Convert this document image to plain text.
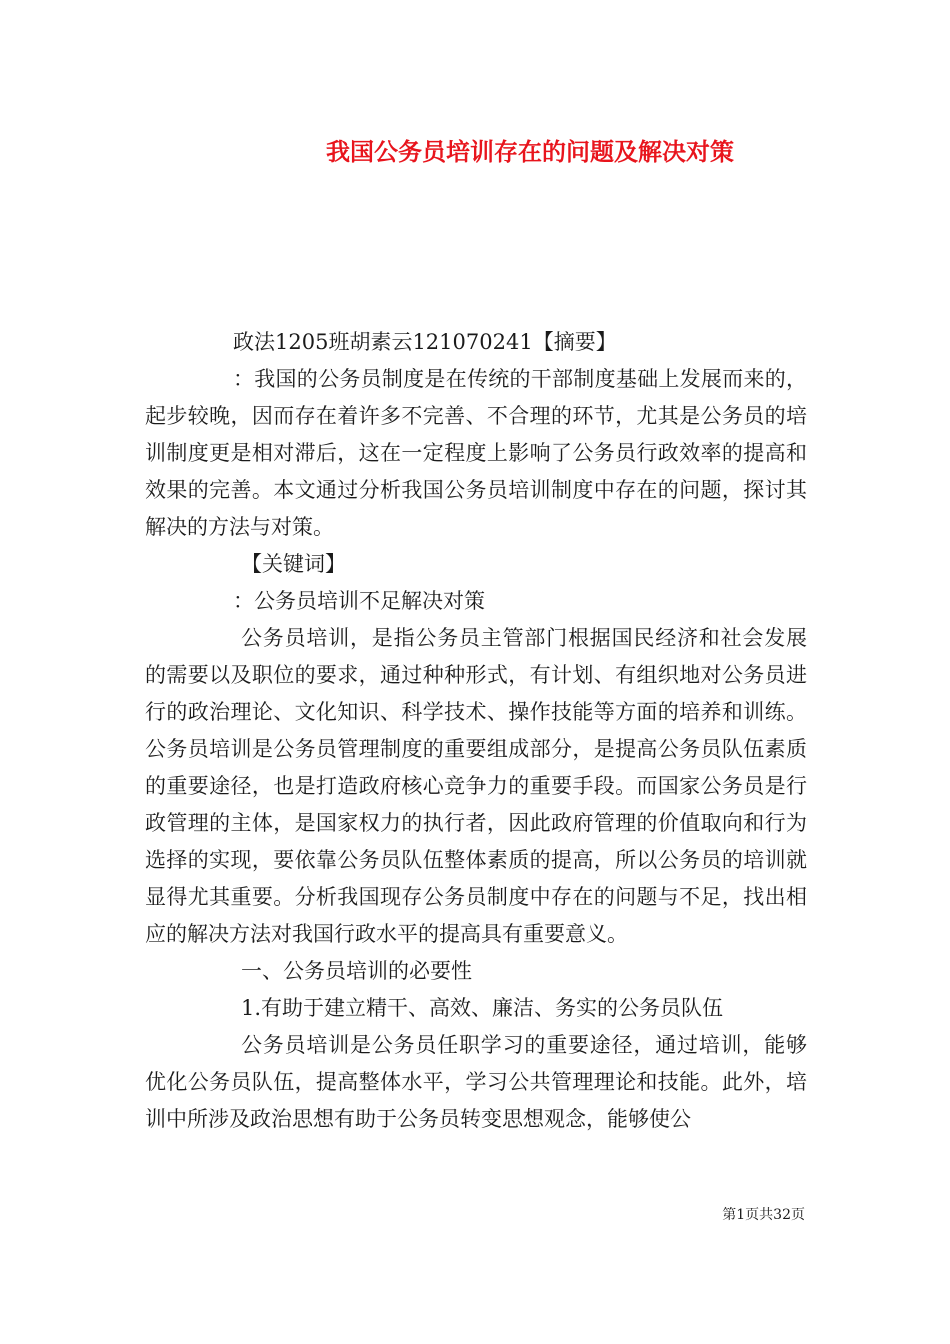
我国公务员培训存在的问题及解决对策

政法1205班胡素云121070241【摘要】

：我国的公务员制度是在传统的干部制度基础上发展而来的，起步较晚，因而存在着许多不完善、不合理的环节，尤其是公务员的培训制度更是相对滞后，这在一定程度上影响了公务员行政效率的提高和效果的完善。本文通过分析我国公务员培训制度中存在的问题，探讨其解决的方法与对策。

【关键词】

：公务员培训不足解决对策

公务员培训，是指公务员主管部门根据国民经济和社会发展的需要以及职位的要求，通过种种形式，有计划、有组织地对公务员进行的政治理论、文化知识、科学技术、操作技能等方面的培养和训练。公务员培训是公务员管理制度的重要组成部分，是提高公务员队伍素质的重要途径，也是打造政府核心竞争力的重要手段。而国家公务员是行政管理的主体，是国家权力的执行者，因此政府管理的价值取向和行为选择的实现，要依靠公务员队伍整体素质的提高，所以公务员的培训就显得尤其重要。分析我国现存公务员制度中存在的问题与不足，找出相应的解决方法对我国行政水平的提高具有重要意义。

一、公务员培训的必要性

1.有助于建立精干、高效、廉洁、务实的公务员队伍

公务员培训是公务员任职学习的重要途径，通过培训，能够优化公务员队伍，提高整体水平，学习公共管理理论和技能。此外，培训中所涉及政治思想有助于公务员转变思想观念，能够使公

第1页共32页
